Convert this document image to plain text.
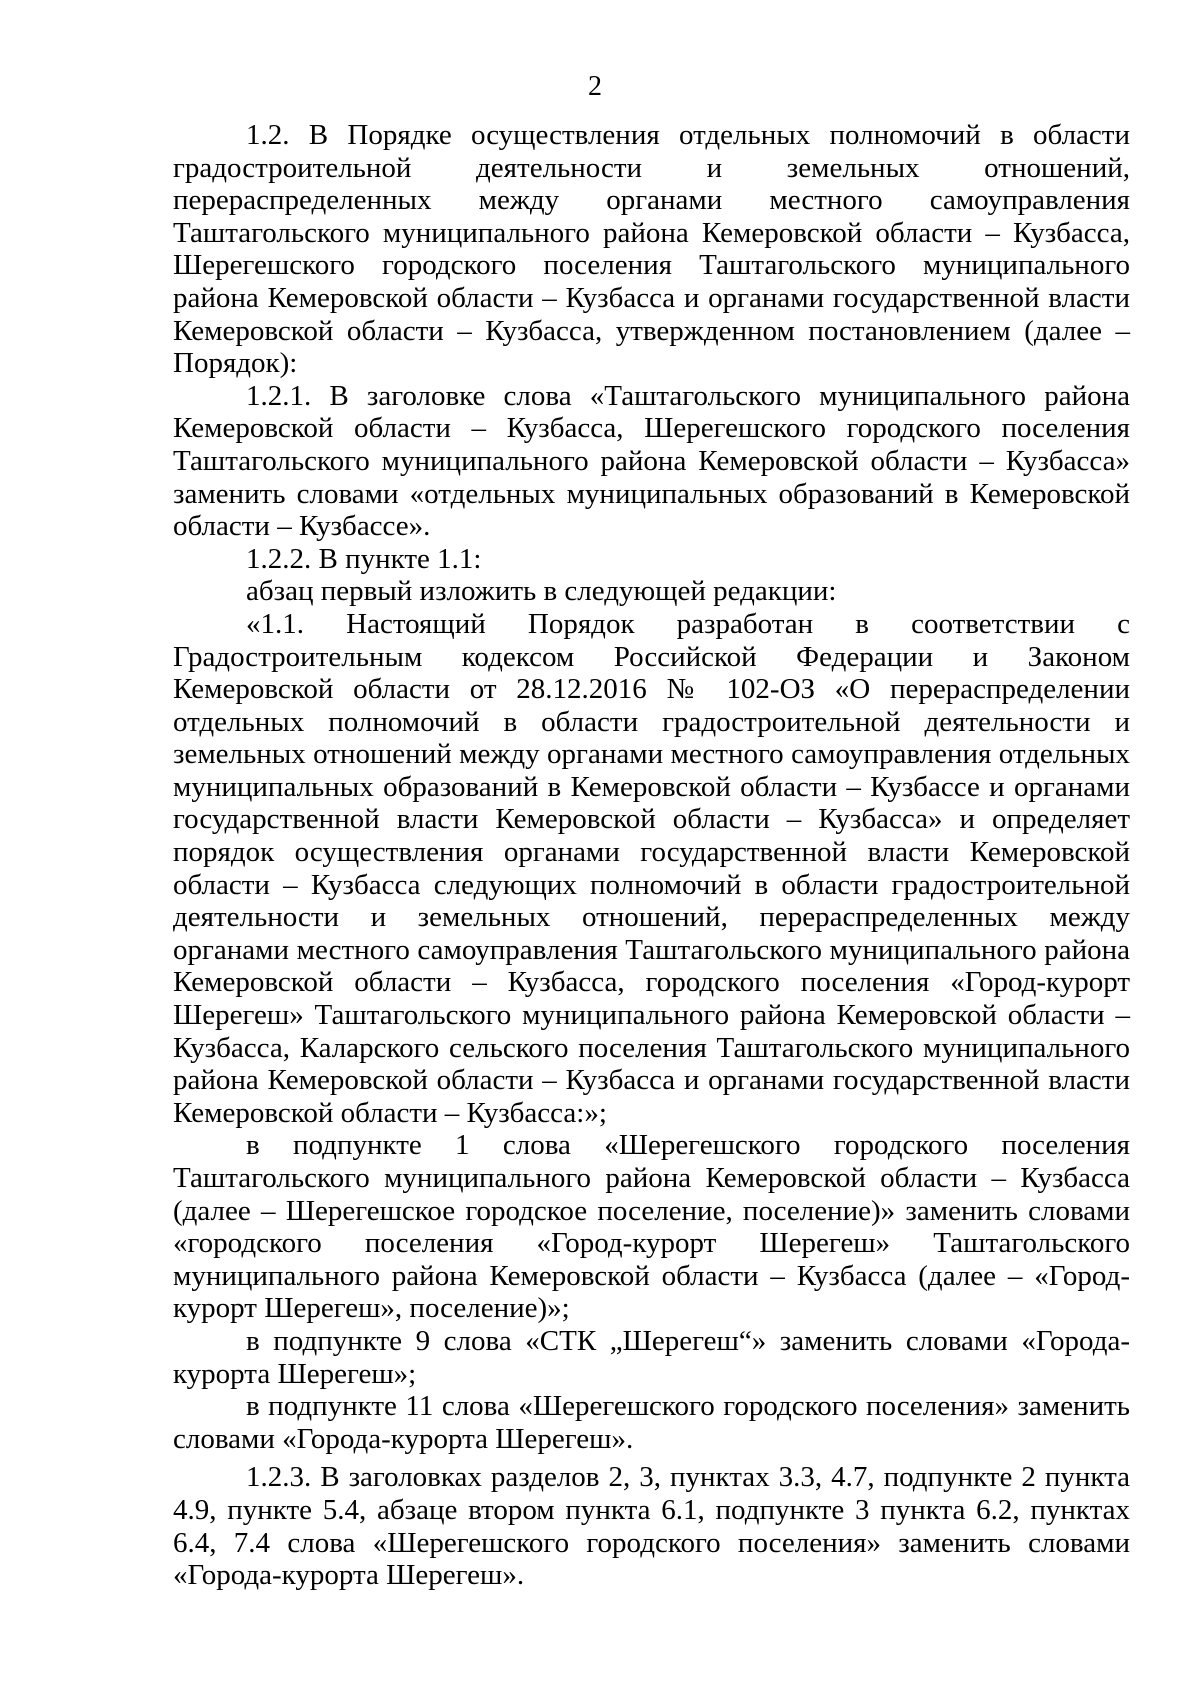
2

1.2. В Порядке осуществления отдельных полномочий в области градостроительной деятельности и земельных отношений, перераспределенных между органами местного самоуправления Таштагольского муниципального района Кемеровской области – Кузбасса, Шерегешского городского поселения Таштагольского муниципального района Кемеровской области – Кузбасса и органами государственной власти Кемеровской области – Кузбасса, утвержденном постановлением (далее – Порядок):

1.2.1. В заголовке слова «Таштагольского муниципального района Кемеровской области – Кузбасса, Шерегешского городского поселения Таштагольского муниципального района Кемеровской области – Кузбасса» заменить словами «отдельных муниципальных образований в Кемеровской области – Кузбассе».

1.2.2. В пункте 1.1:

абзац первый изложить в следующей редакции:

«1.1. Настоящий Порядок разработан в соответствии с Градостроительным кодексом Российской Федерации и Законом Кемеровской области от 28.12.2016 № 102-ОЗ «О перераспределении отдельных полномочий в области градостроительной деятельности и земельных отношений между органами местного самоуправления отдельных муниципальных образований в Кемеровской области – Кузбассе и органами государственной власти Кемеровской области – Кузбасса» и определяет порядок осуществления органами государственной власти Кемеровской области – Кузбасса следующих полномочий в области градостроительной деятельности и земельных отношений, перераспределенных между органами местного самоуправления Таштагольского муниципального района Кемеровской области – Кузбасса, городского поселения «Город-курорт Шерегеш» Таштагольского муниципального района Кемеровской области – Кузбасса, Каларского сельского поселения Таштагольского муниципального района Кемеровской области – Кузбасса и органами государственной власти Кемеровской области – Кузбасса:»;

в подпункте 1 слова «Шерегешского городского поселения Таштагольского муниципального района Кемеровской области – Кузбасса (далее – Шерегешское городское поселение, поселение)» заменить словами «городского поселения «Город-курорт Шерегеш» Таштагольского муниципального района Кемеровской области – Кузбасса (далее – «Город-курорт Шерегеш», поселение)»;

в подпункте 9 слова «СТК „Шерегеш“» заменить словами «Города-курорта Шерегеш»;

в подпункте 11 слова «Шерегешского городского поселения» заменить словами «Города-курорта Шерегеш».

1.2.3. В заголовках разделов 2, 3, пунктах 3.3, 4.7, подпункте 2 пункта 4.9, пункте 5.4, абзаце втором пункта 6.1, подпункте 3 пункта 6.2, пунктах 6.4, 7.4 слова «Шерегешского городского поселения» заменить словами «Города-курорта Шерегеш».
